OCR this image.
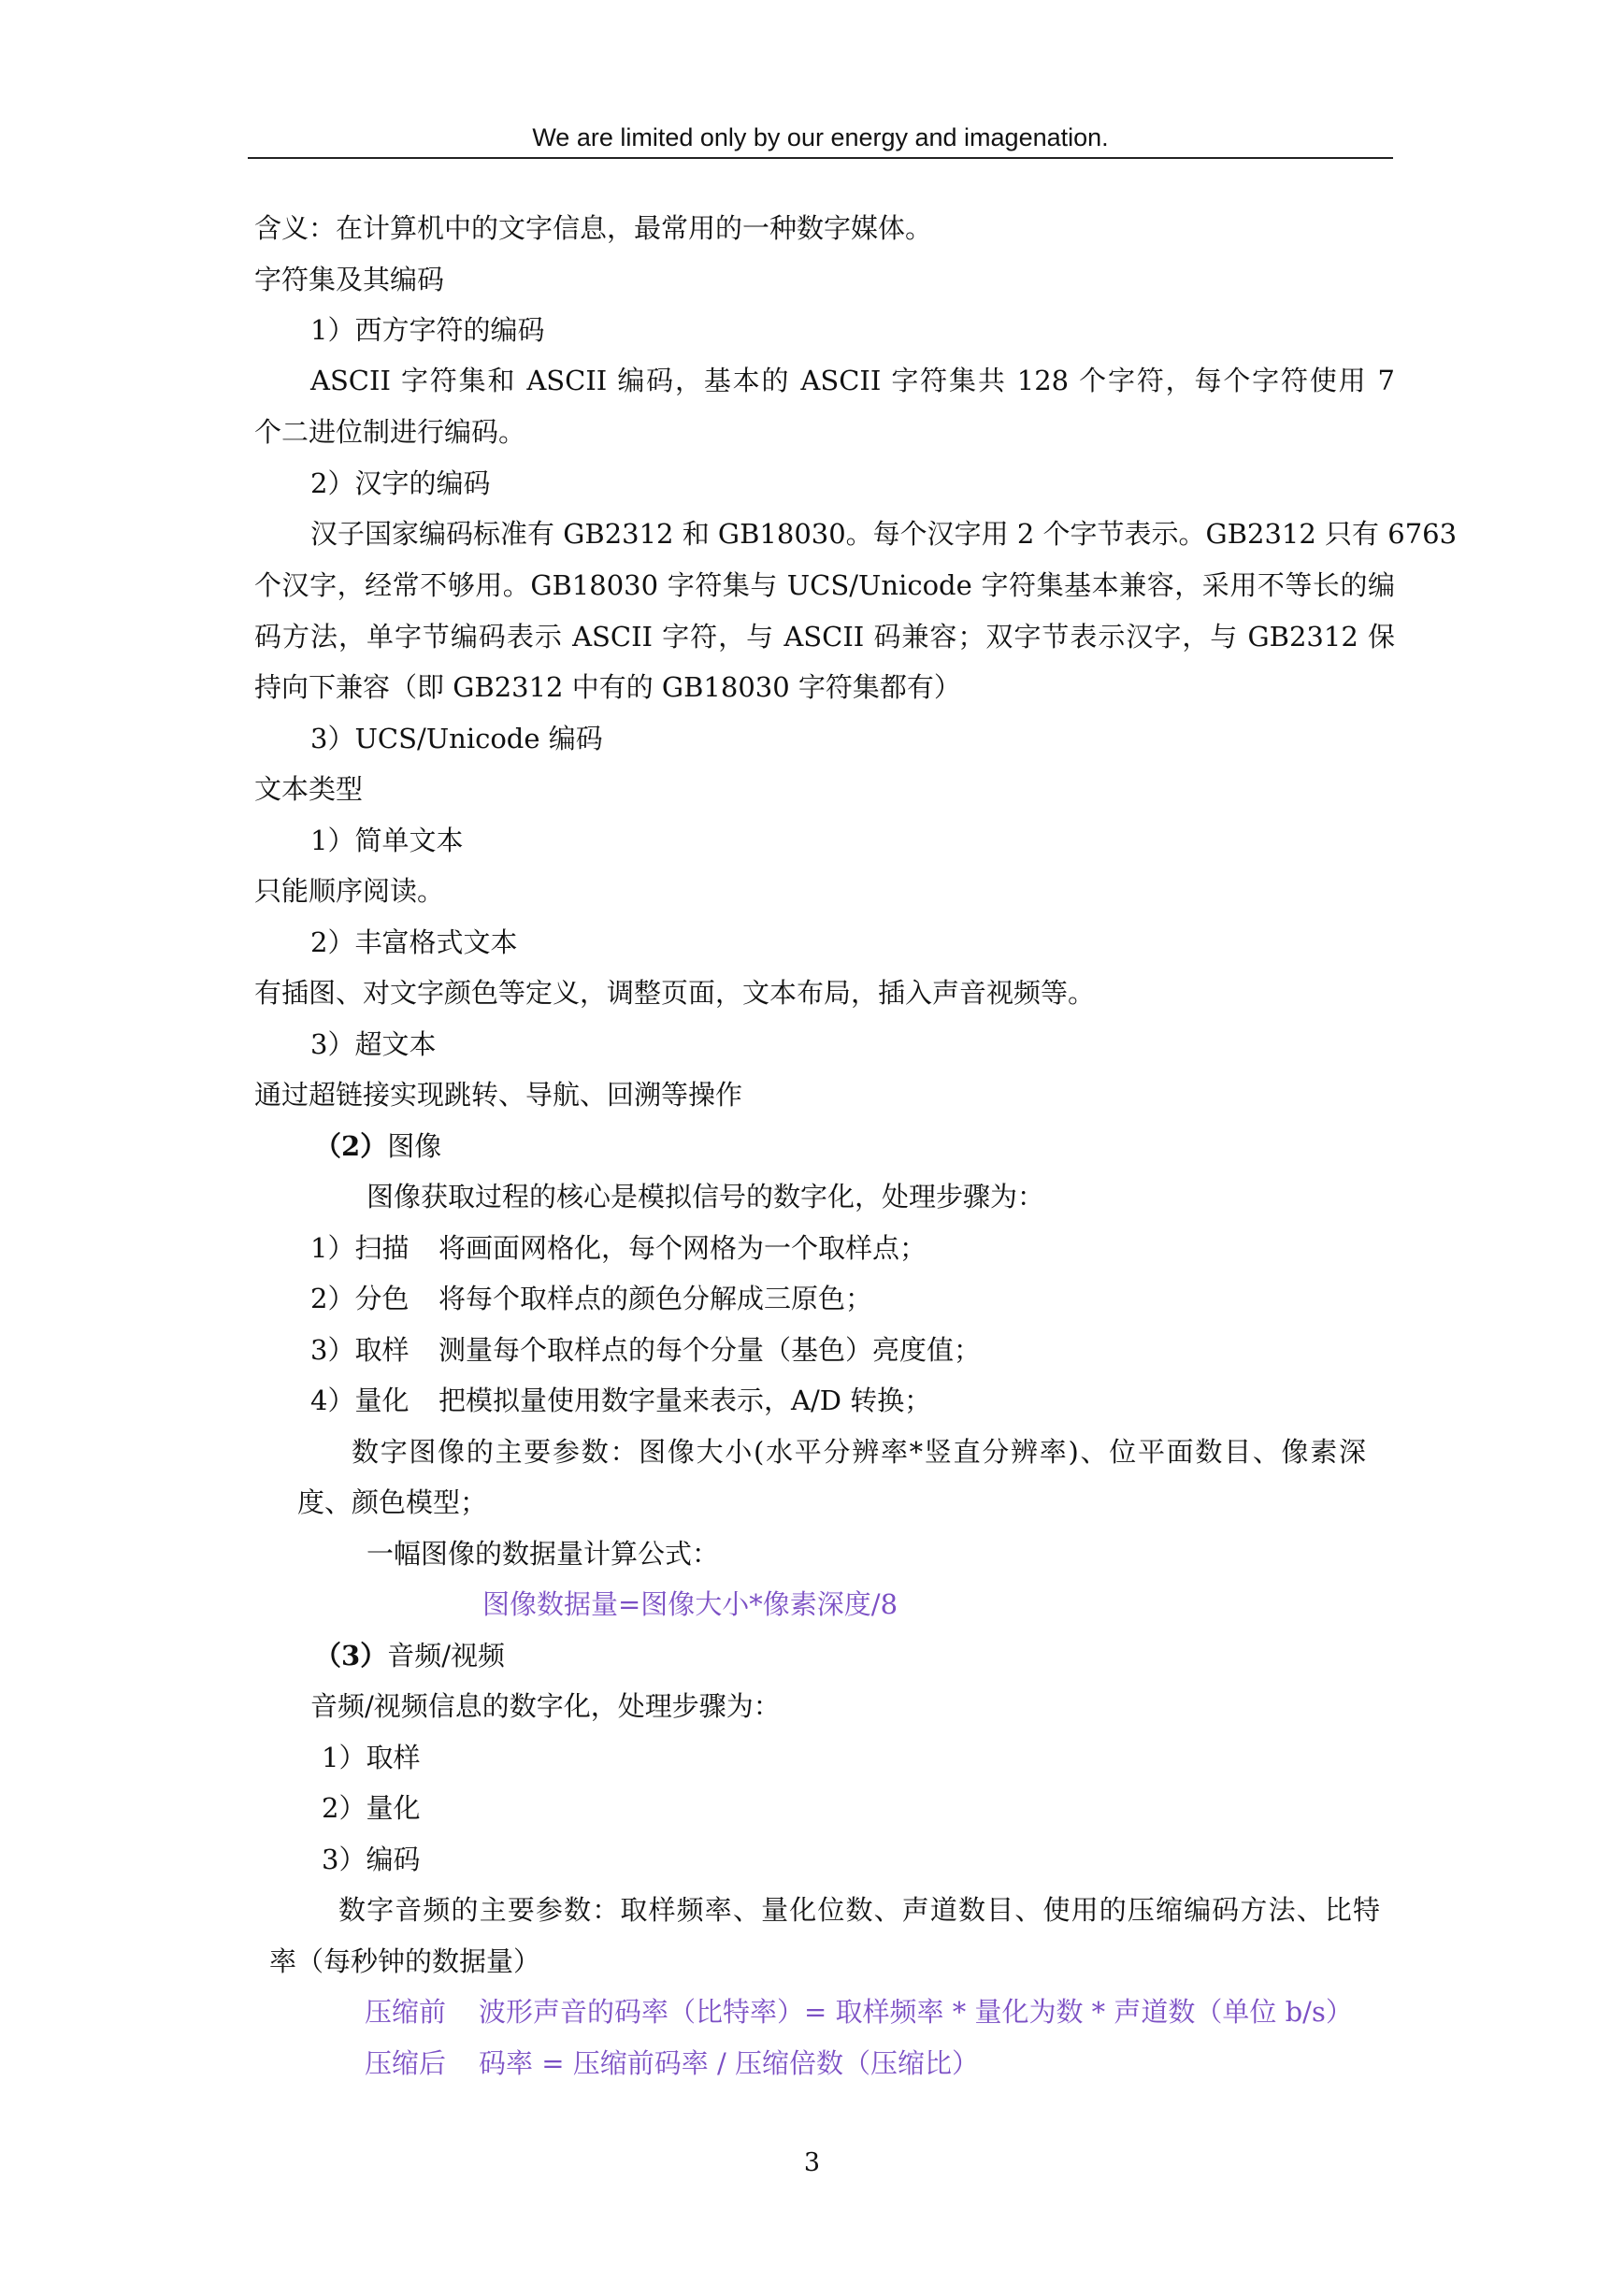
We are limited only by our energy and imagenation.
含义：在计算机中的文字信息，最常用的一种数字媒体。
字符集及其编码
1）西方字符的编码
ASCII 字符集和 ASCII 编码，基本的 ASCII 字符集共 128 个字符，每个字符使用 7
个二进位制进行编码。
2）汉字的编码
汉子国家编码标准有 GB2312 和 GB18030。每个汉字用 2 个字节表示。GB2312 只有 6763
个汉字，经常不够用。GB18030 字符集与 UCS/Unicode 字符集基本兼容，采用不等长的编
码方法，单字节编码表示 ASCII 字符，与 ASCII 码兼容；双字节表示汉字，与 GB2312 保
持向下兼容（即 GB2312 中有的 GB18030 字符集都有）
3）UCS/Unicode 编码
文本类型
1）简单文本
只能顺序阅读。
2）丰富格式文本
有插图、对文字颜色等定义，调整页面，文本布局，插入声音视频等。
3）超文本
通过超链接实现跳转、导航、回溯等操作
（2）图像
图像获取过程的核心是模拟信号的数字化，处理步骤为：
1）扫描 将画面网格化，每个网格为一个取样点；
2）分色 将每个取样点的颜色分解成三原色；
3）取样 测量每个取样点的每个分量（基色）亮度值；
4）量化 把模拟量使用数字量来表示，A/D 转换；
数字图像的主要参数：图像大小(水平分辨率*竖直分辨率)、位平面数目、像素深
度、颜色模型；
一幅图像的数据量计算公式：
图像数据量=图像大小*像素深度/8
（3）音频/视频
音频/视频信息的数字化，处理步骤为：
1）取样
2）量化
3）编码
数字音频的主要参数：取样频率、量化位数、声道数目、使用的压缩编码方法、比特
率（每秒钟的数据量）
压缩前 波形声音的码率（比特率）= 取样频率 * 量化为数 * 声道数（单位 b/s）
压缩后 码率 = 压缩前码率 / 压缩倍数（压缩比）
3
